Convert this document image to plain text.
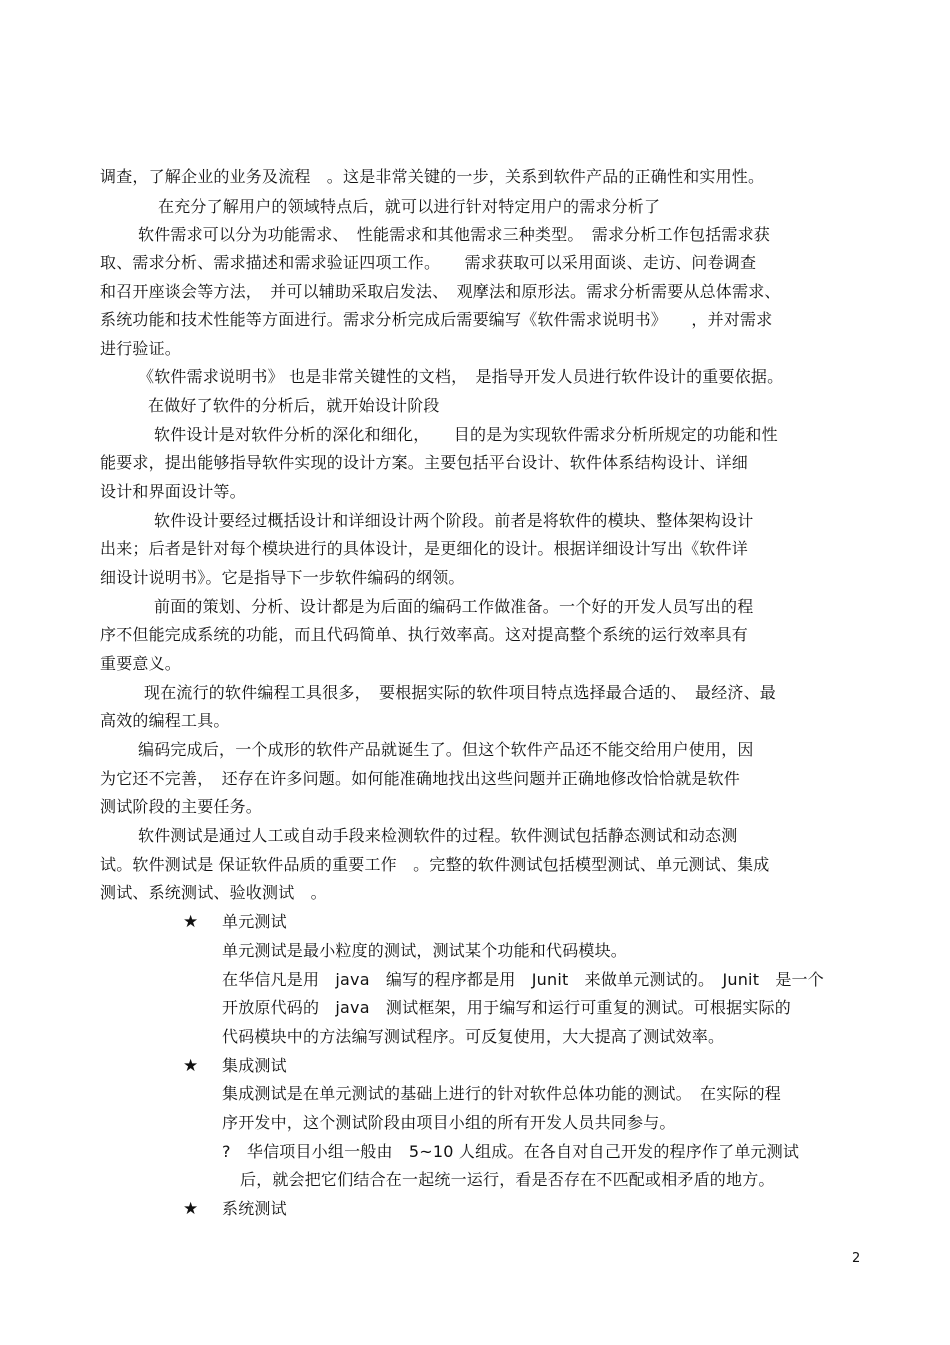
调查，了解企业的业务及流程　。这是非常关键的一步，关系到软件产品的正确性和实用性。
在充分了解用户的领域特点后，就可以进行针对特定用户的需求分析了
软件需求可以分为功能需求、　性能需求和其他需求三种类型。　需求分析工作包括需求获
取、需求分析、需求描述和需求验证四项工作。　　需求获取可以采用面谈、走访、问卷调查
和召开座谈会等方法，　并可以辅助采取启发法、　观摩法和原形法。需求分析需要从总体需求、
系统功能和技术性能等方面进行。需求分析完成后需要编写《软件需求说明书》　　，并对需求
进行验证。
《软件需求说明书》 也是非常关键性的文档，　是指导开发人员进行软件设计的重要依据。
在做好了软件的分析后，就开始设计阶段
软件设计是对软件分析的深化和细化，　　目的是为实现软件需求分析所规定的功能和性
能要求，提出能够指导软件实现的设计方案。主要包括平台设计、软件体系结构设计、详细
设计和界面设计等。
软件设计要经过概括设计和详细设计两个阶段。前者是将软件的模块、整体架构设计
出来；后者是针对每个模块进行的具体设计，是更细化的设计。根据详细设计写出《软件详
细设计说明书》。它是指导下一步软件编码的纲领。
前面的策划、分析、设计都是为后面的编码工作做准备。一个好的开发人员写出的程
序不但能完成系统的功能，而且代码简单、执行效率高。这对提高整个系统的运行效率具有
重要意义。
现在流行的软件编程工具很多，　要根据实际的软件项目特点选择最合适的、　最经济、最
高效的编程工具。
编码完成后，一个成形的软件产品就诞生了。但这个软件产品还不能交给用户使用，因
为它还不完善，　还存在许多问题。如何能准确地找出这些问题并正确地修改恰恰就是软件
测试阶段的主要任务。
软件测试是通过人工或自动手段来检测软件的过程。软件测试包括静态测试和动态测
试。软件测试是 保证软件品质的重要工作　。完整的软件测试包括模型测试、单元测试、集成
测试、系统测试、验收测试　。
★ 单元测试
单元测试是最小粒度的测试，测试某个功能和代码模块。
在华信凡是用　java　编写的程序都是用　Junit　来做单元测试的。　Junit　是一个
开放原代码的　java　测试框架，用于编写和运行可重复的测试。可根据实际的
代码模块中的方法编写测试程序。可反复使用，大大提高了测试效率。
★ 集成测试
集成测试是在单元测试的基础上进行的针对软件总体功能的测试。　在实际的程
序开发中，这个测试阶段由项目小组的所有开发人员共同参与。
?　华信项目小组一般由　5~10 人组成。在各自对自己开发的程序作了单元测试
后，就会把它们结合在一起统一运行，看是否存在不匹配或相矛盾的地方。
★ 系统测试
2
